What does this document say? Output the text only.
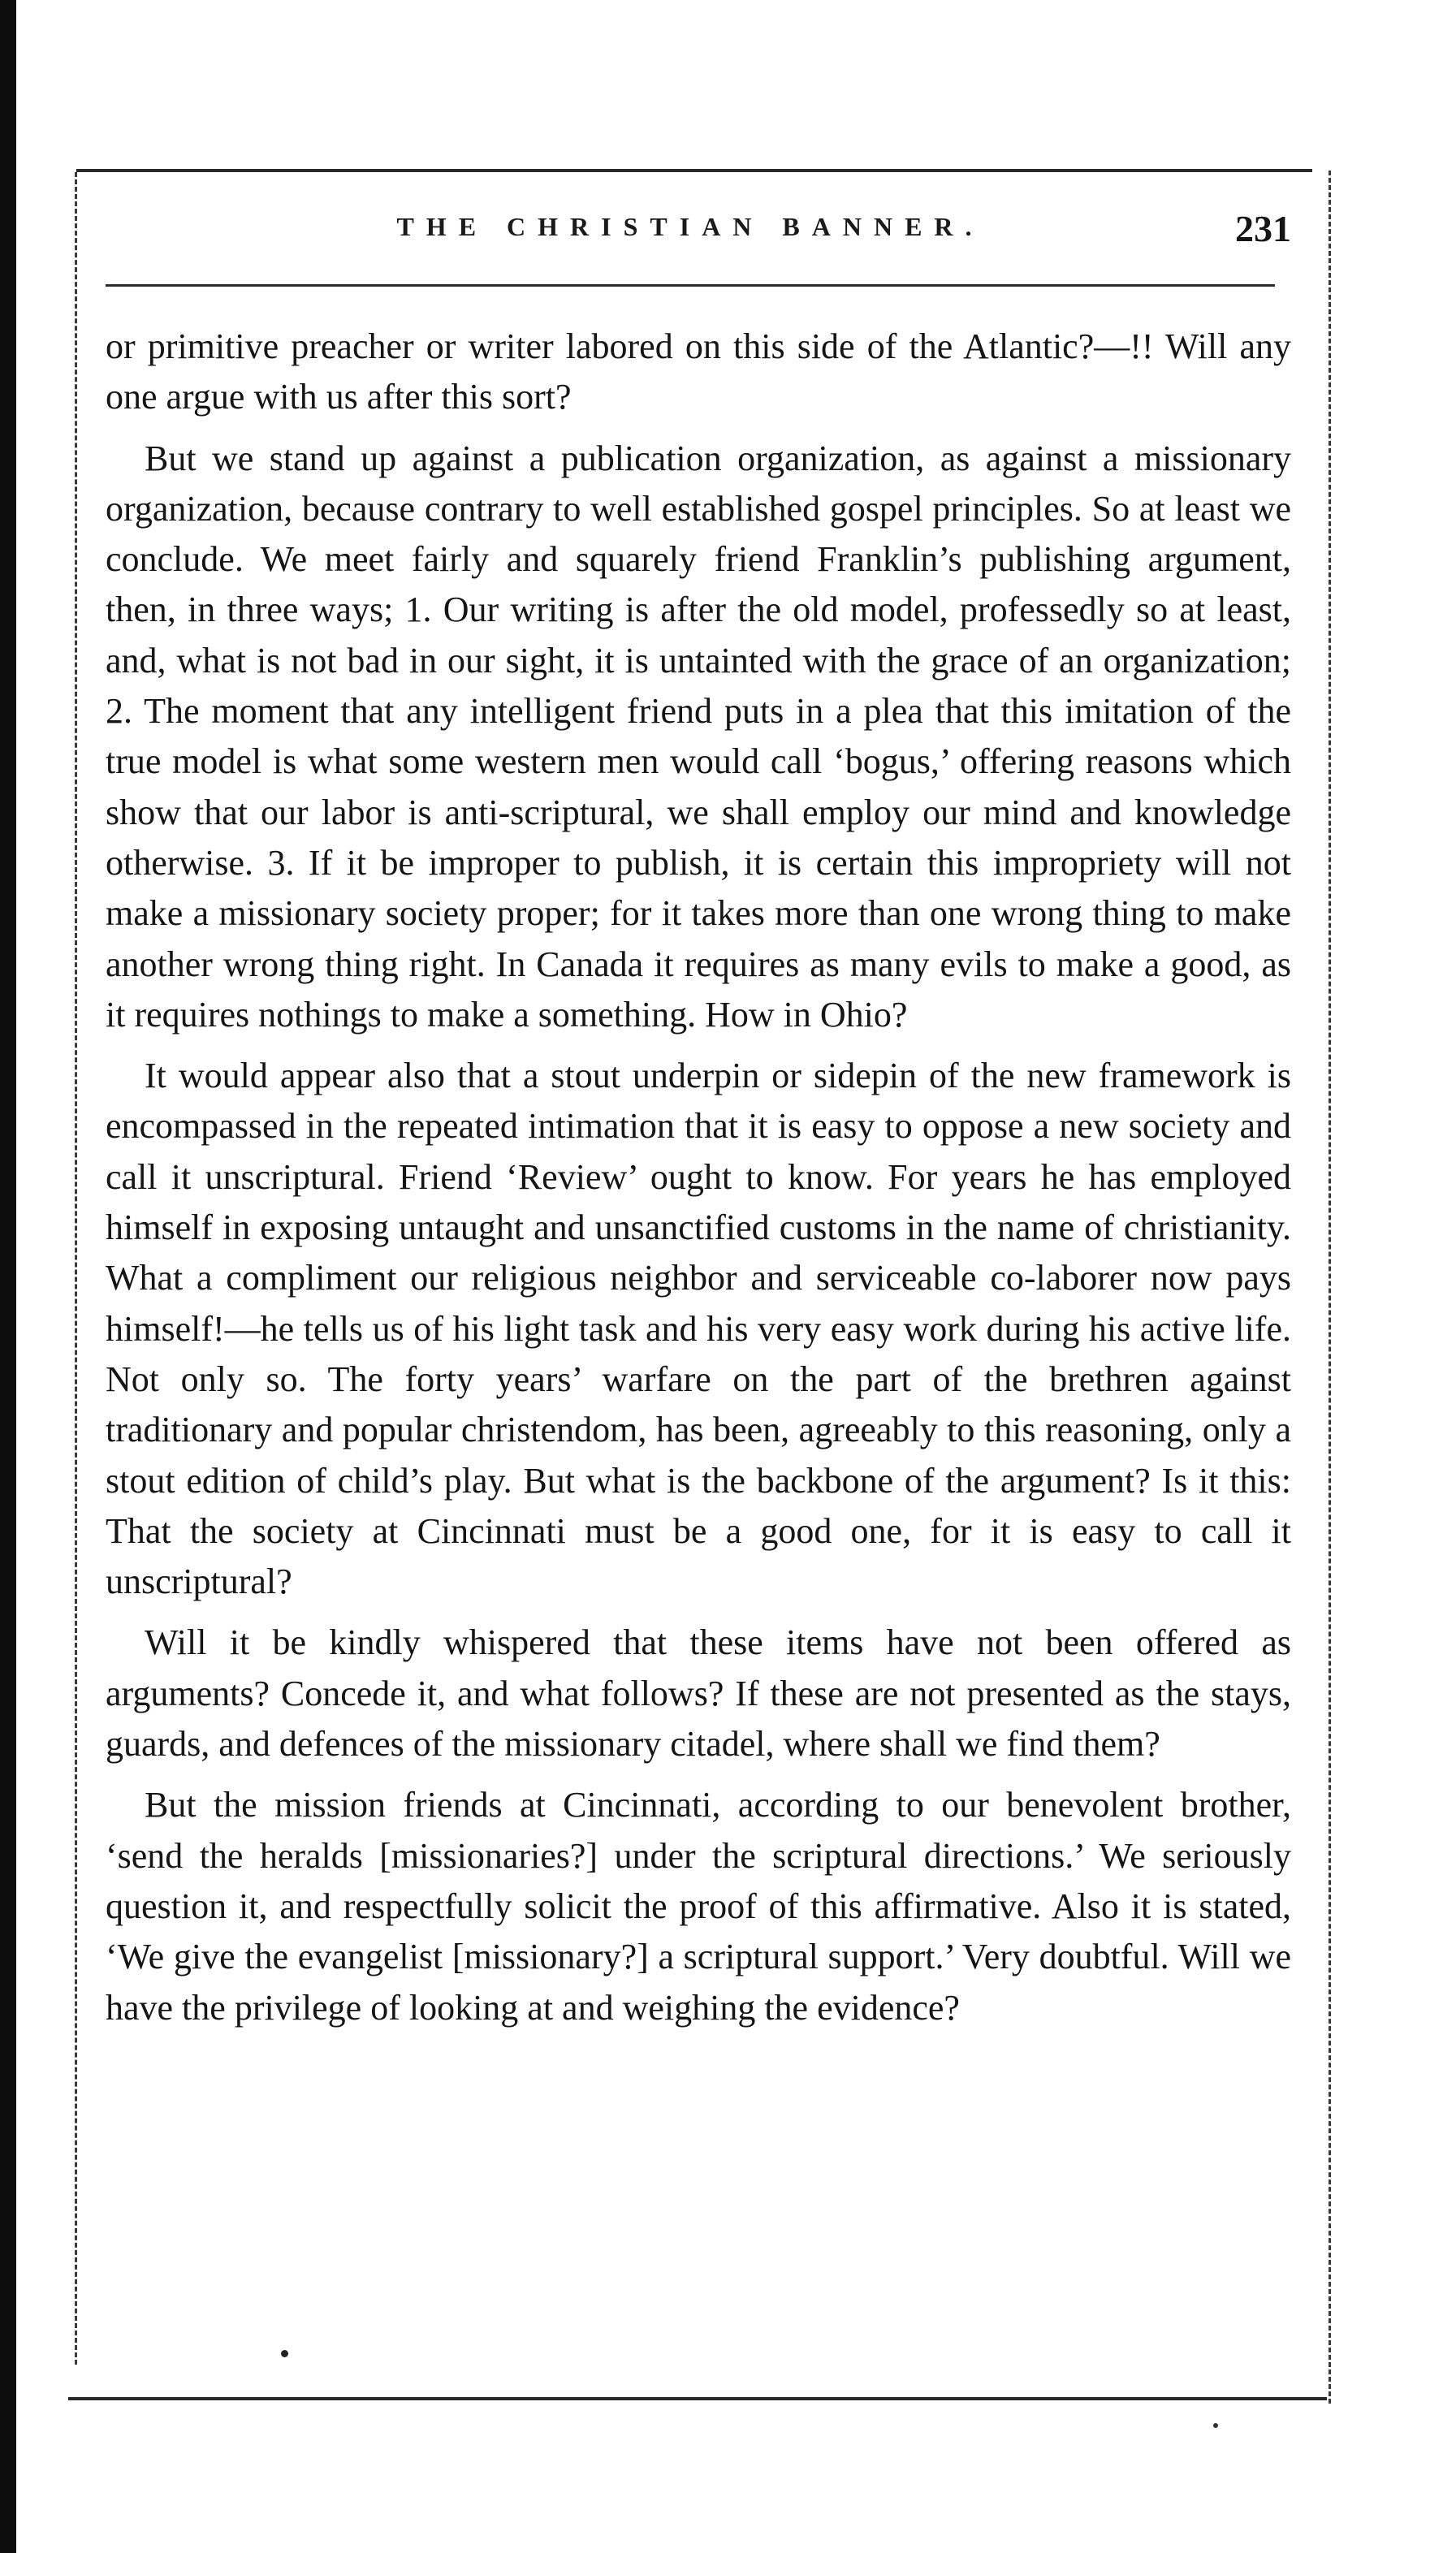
THE CHRISTIAN BANNER.	231

or primitive preacher or writer labored on this side of the Atlantic?—!! Will any one argue with us after this sort?

But we stand up against a publication organization, as against a missionary organization, because contrary to well established gospel principles. So at least we conclude. We meet fairly and squarely friend Franklin’s publishing argument, then, in three ways; 1. Our writing is after the old model, professedly so at least, and, what is not bad in our sight, it is untainted with the grace of an organization; 2. The moment that any intelligent friend puts in a plea that this imitation of the true model is what some western men would call ‘bogus,’ offering reasons which show that our labor is anti-scriptural, we shall employ our mind and knowledge otherwise. 3. If it be improper to publish, it is certain this impropriety will not make a missionary society proper; for it takes more than one wrong thing to make another wrong thing right. In Canada it requires as many evils to make a good, as it requires nothings to make a something. How in Ohio?

It would appear also that a stout underpin or sidepin of the new framework is encompassed in the repeated intimation that it is easy to oppose a new society and call it unscriptural. Friend ‘Review’ ought to know. For years he has employed himself in exposing untaught and unsanctified customs in the name of christianity. What a compliment our religious neighbor and serviceable co-laborer now pays himself!—he tells us of his light task and his very easy work during his active life. Not only so. The forty years’ warfare on the part of the brethren against traditionary and popular christendom, has been, agreeably to this reasoning, only a stout edition of child’s play. But what is the backbone of the argument? Is it this: That the society at Cincinnati must be a good one, for it is easy to call it unscriptural?

Will it be kindly whispered that these items have not been offered as arguments? Concede it, and what follows? If these are not presented as the stays, guards, and defences of the missionary citadel, where shall we find them?

But the mission friends at Cincinnati, according to our benevolent brother, ‘send the heralds [missionaries?] under the scriptural directions.’ We seriously question it, and respectfully solicit the proof of this affirmative. Also it is stated, ‘We give the evangelist [missionary?] a scriptural support.’ Very doubtful. Will we have the privilege of looking at and weighing the evidence?
